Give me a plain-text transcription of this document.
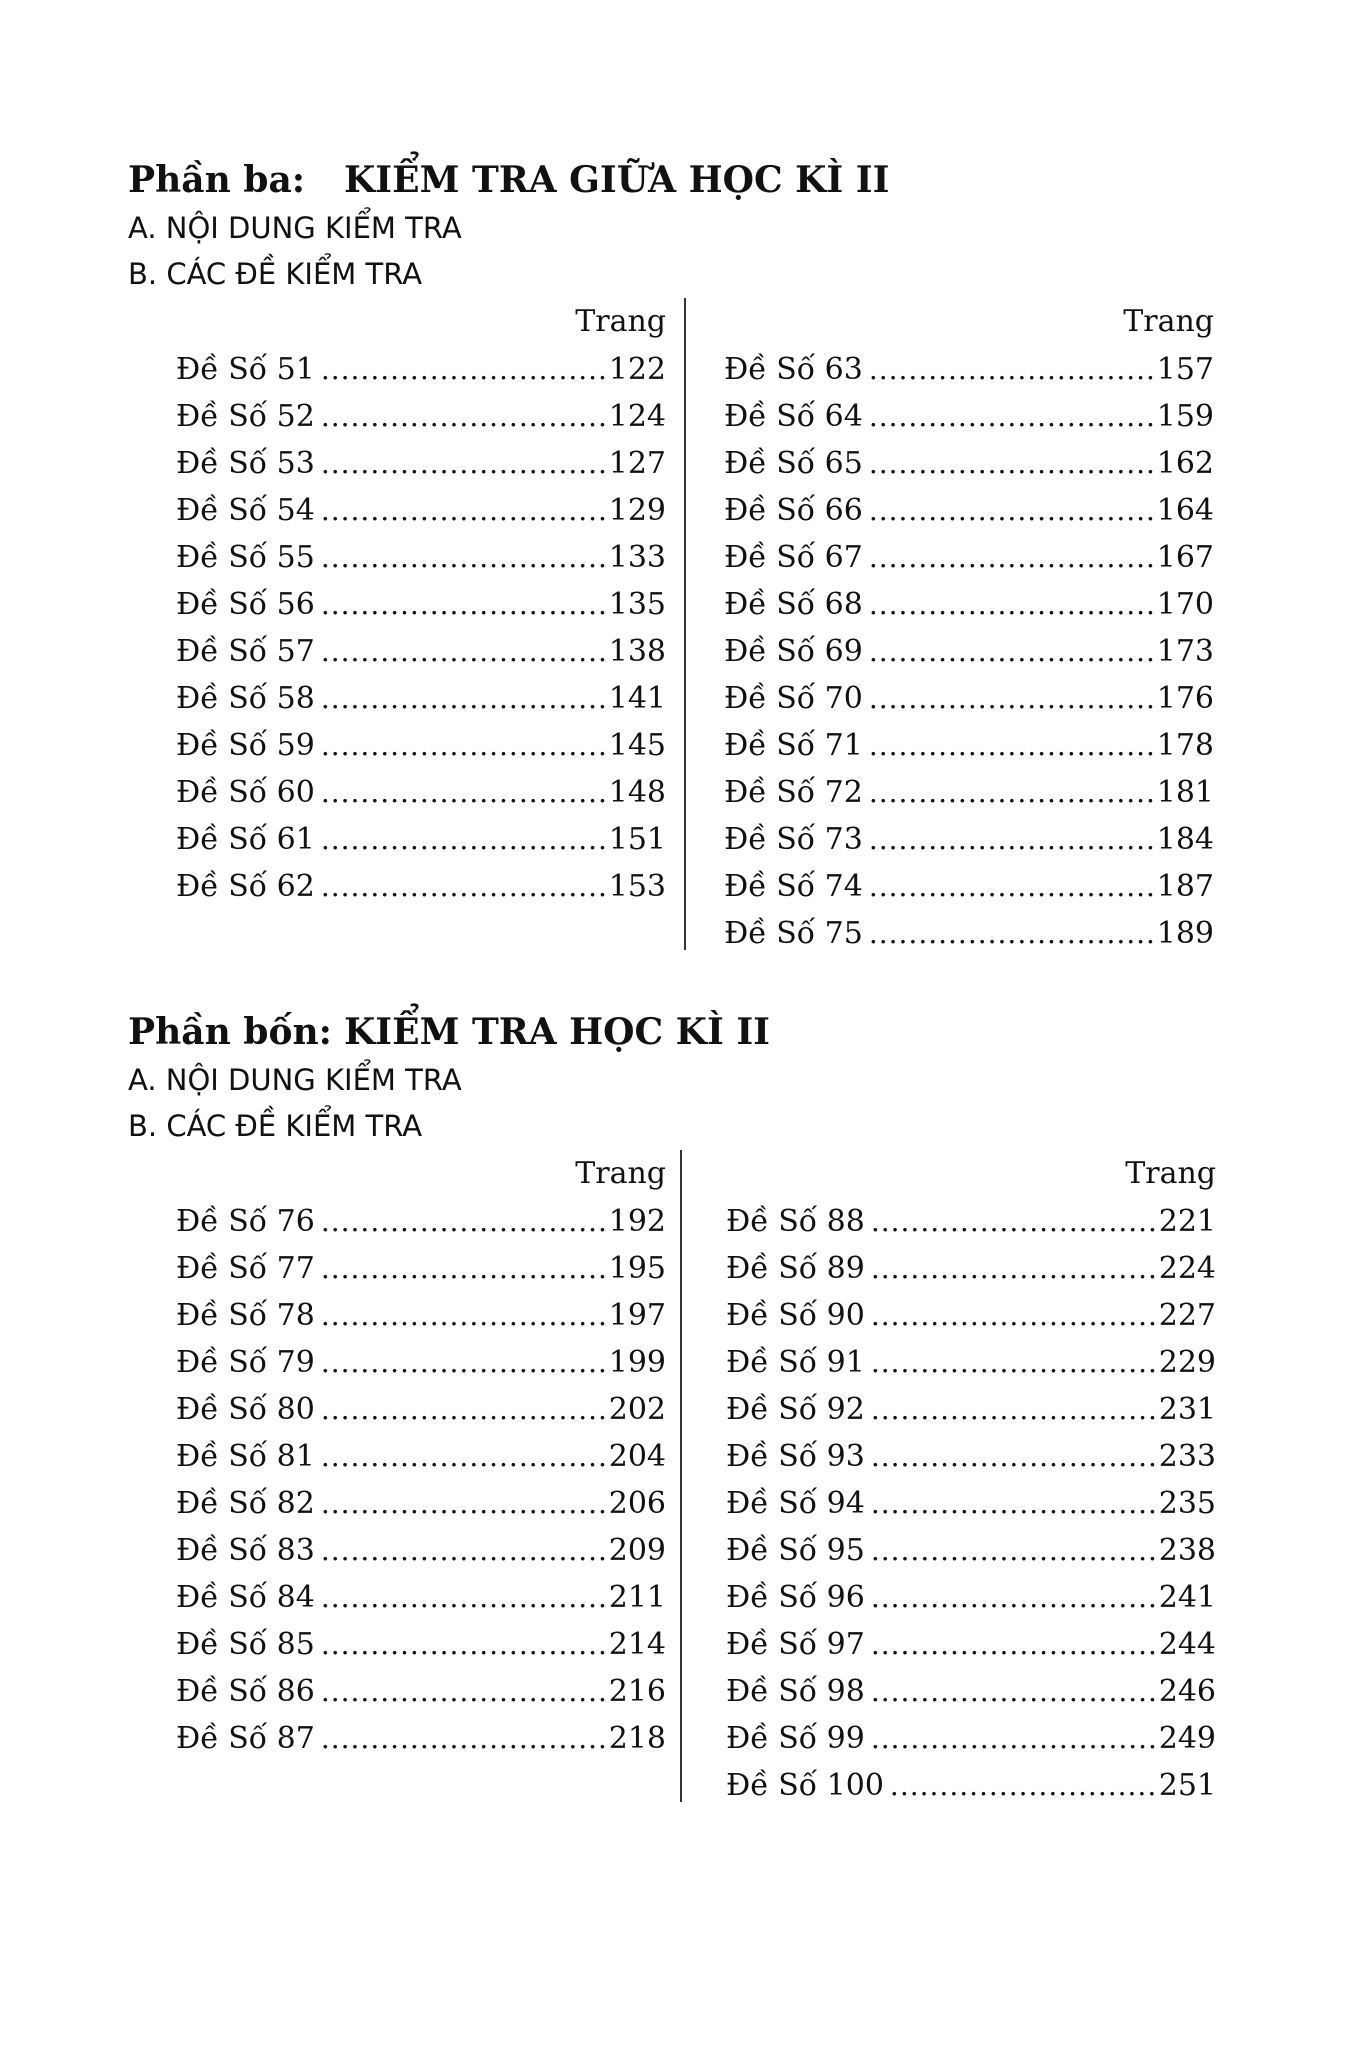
Phần ba: KIỂM TRA GIỮA HỌC KÌ II
A. NỘI DUNG KIỂM TRA
B. CÁC ĐỀ KIỂM TRA
Trang
Đề Số 51 .....	122
Đề Số 52 .....	124
Đề Số 53 .....	127
Đề Số 54 .....	129
Đề Số 55 .....	133
Đề Số 56 .....	135
Đề Số 57 .....	138
Đề Số 58 .....	141
Đề Số 59 .....	145
Đề Số 60 .....	148
Đề Số 61 .....	151
Đề Số 62 .....	153
Trang
Đề Số 63 .....	157
Đề Số 64 .....	159
Đề Số 65 .....	162
Đề Số 66 .....	164
Đề Số 67 .....	167
Đề Số 68 .....	170
Đề Số 69 .....	173
Đề Số 70 .....	176
Đề Số 71 .....	178
Đề Số 72 .....	181
Đề Số 73 .....	184
Đề Số 74 .....	187
Đề Số 75 .....	189
Phần bốn: KIỂM TRA HỌC KÌ II
A. NỘI DUNG KIỂM TRA
B. CÁC ĐỀ KIỂM TRA
Trang
Đề Số 76 .....	192
Đề Số 77 .....	195
Đề Số 78 .....	197
Đề Số 79 .....	199
Đề Số 80 .....	202
Đề Số 81 .....	204
Đề Số 82 .....	206
Đề Số 83 .....	209
Đề Số 84 .....	211
Đề Số 85 .....	214
Đề Số 86 .....	216
Đề Số 87 .....	218
Trang
Đề Số 88 .....	221
Đề Số 89 .....	224
Đề Số 90 .....	227
Đề Số 91 .....	229
Đề Số 92 .....	231
Đề Số 93 .....	233
Đề Số 94 .....	235
Đề Số 95 .....	238
Đề Số 96 .....	241
Đề Số 97 .....	244
Đề Số 98 .....	246
Đề Số 99 .....	249
Đề Số 100 .....	251
